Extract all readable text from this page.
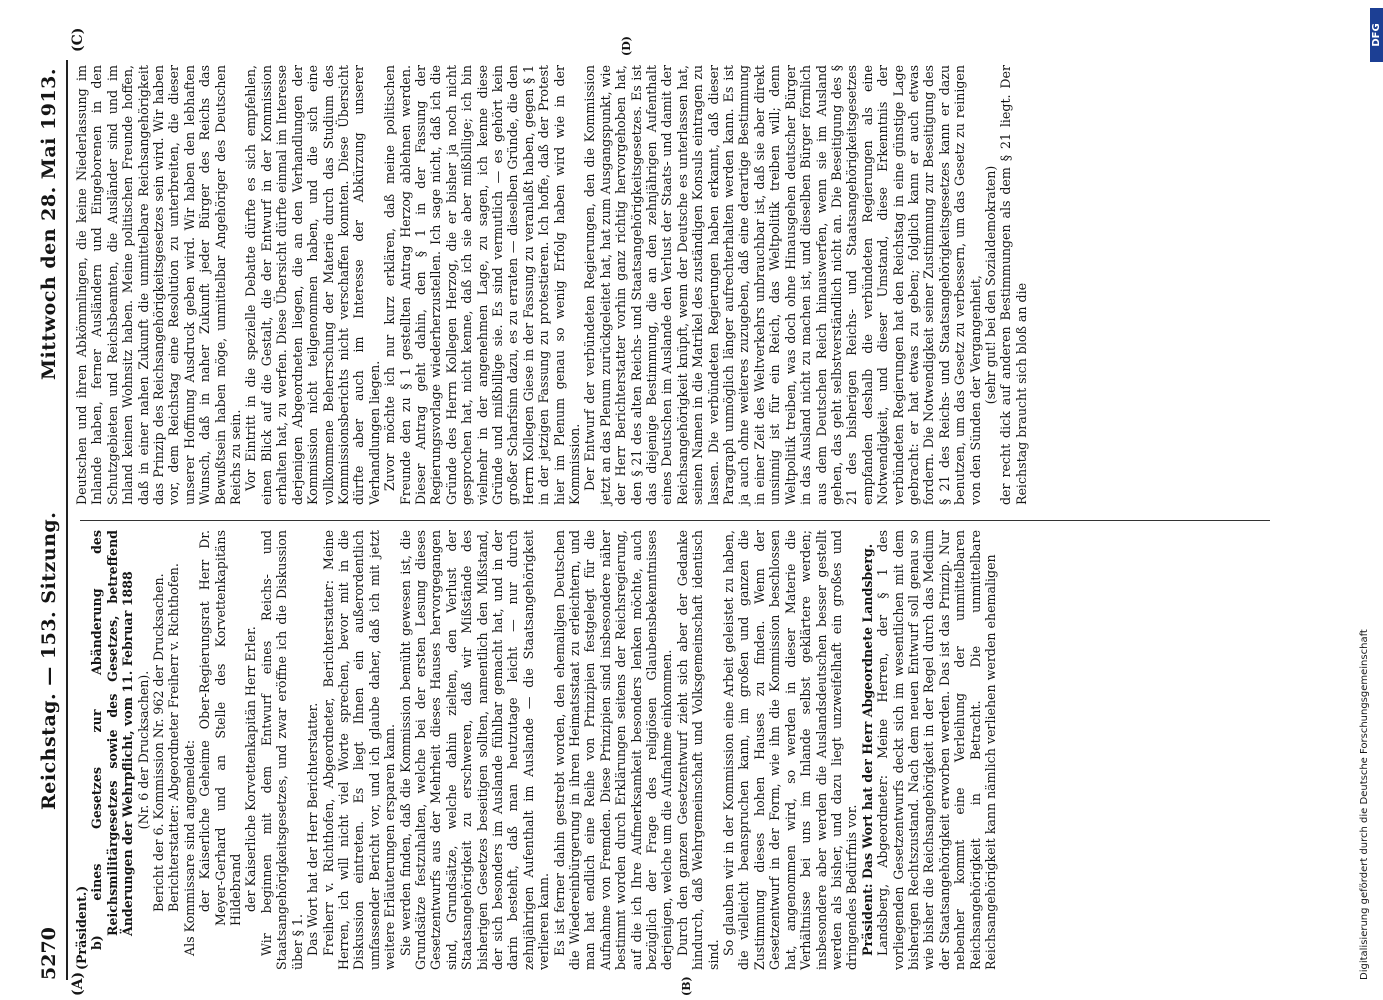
5270
Reichstag. — 153. Sitzung.
Mittwoch den 28. Mai 1913.
(A)	(B)
(C)	(D)

(Präsident.) b) eines Gesetzes zur Abänderung des Reichsmilitärgesetzes sowie des Gesetzes, betreffend Änderungen der Wehrpflicht, vom 11. Februar 1888 (Nr. 6 der Drucksachen). Bericht der 6. Kommission Nr. 962 der Drucksachen. Berichterstatter: Abgeordneter Freiherr v. Richthofen. Als Kommissare sind angemeldet: der Kaiserliche Geheime Ober-Regierungsrat Herr Dr. Meyer-Gerhard und an Stelle des Korvettenkapitäns Hildebrand der Kaiserliche Korvettenkapitän Herr Erler. Wir beginnen mit dem Entwurf eines Reichs- und Staatsangehörigkeitsgesetzes, und zwar eröffne ich die Diskussion über § 1. Das Wort hat der Herr Berichterstatter. Freiherr v. Richthofen, Abgeordneter, Berichterstatter: Meine Herren, ich will nicht viel Worte sprechen, bevor mit in die Diskussion eintreten. Es liegt Ihnen ein außerordentlich umfassender Bericht vor, und ich glaube daher, daß ich mit jetzt weitere Erläuterungen ersparen kann. Sie werden finden, daß die Kommission bemüht gewesen ist, die Grundsätze festzuhalten, welche bei der ersten Lesung dieses Gesetzentwurfs aus der Mehrheit dieses Hauses hervorgegangen sind, Grundsätze, welche dahin zielten, den Verlust der Staatsangehörigkeit zu erschweren, daß wir Mißstände des bisherigen Gesetzes beseitigen sollten, namentlich den Mißstand, der sich besonders im Auslande fühlbar gemacht hat, und in der darin bestehft, daß man heutzutage leicht — nur durch zehnjährigen Aufenthalt im Auslande — die Staatsangehörigkeit verlieren kann. Es ist ferner dahin gestrebt worden, den ehemaligen Deutschen die Wiedereinbürgerung in ihren Heimatsstaat zu erleichtern, und man hat endlich eine Reihe von Prinzipien festgelegt für die Aufnahme von Fremden. Diese Prinzipien sind insbesondere näher bestimmt worden durch Erklärungen seitens der Reichsregierung, auf die ich Ihre Aufmerksamkeit besonders lenken möchte, auch bezüglich der Frage des religiösen Glaubensbekenntnisses derjenigen, welche um die Aufnahme einkommen. Durch den ganzen Gesetzentwurf zieht sich aber der Gedanke hindurch, daß Wehrgemeinschaft und Volksgemeinschaft identisch sind. So glauben wir in der Kommission eine Arbeit geleistet zu haben, die vielleicht beanspruchen kann, im großen und ganzen die Zustimmung dieses hohen Hauses zu finden. Wenn der Gesetzentwurf in der Form, wie ihn die Kommission beschlossen hat, angenommen wird, so werden in dieser Materie die Verhältnisse bei uns im Inlande selbst geklärtere werden; insbesondere aber werden die Auslandsdeutschen besser gestellt werden als bisher, und dazu liegt unzweifelhaft ein großes und dringendes Bedürfnis vor. Präsident: Das Wort hat der Herr Abgeordnete Landsberg. Landsberg, Abgeordneter: Meine Herren, der § 1 des vorliegenden Gesetzentwurfs deckt sich im wesentlichen mit dem bisherigen Rechtszustand. Nach dem neuen Entwurf soll genau so wie bisher die Reichsangehörigkeit in der Regel durch das Medium der Staatsangehörigkeit erworben werden. Das ist das Prinzip. Nur nebenher kommt eine Verleihung der unmittelbaren Reichsangehörigkeit in Betracht. Die unmittelbare Reichsangehörigkeit kann nämlich verliehen werden ehemaligen

Deutschen und ihren Abkömmlingen, die keine Niederlassung im Inlande haben, ferner Ausländern und Eingeborenen in den Schutzgebieten und Reichsbeamten, die Ausländer sind und im Inland keinen Wohnsitz haben. Meine politischen Freunde hoffen, daß in einer nahen Zukunft die unmittelbare Reichsangehörigkeit das Prinzip des Reichsangehörigkeitsgesetzes sein wird. Wir haben vor, dem Reichstag eine Resolution zu unterbreiten, die dieser unserer Hoffnung Ausdruck geben wird. Wir haben den lebhaften Wunsch, daß in naher Zukunft jeder Bürger des Reichs das Bewußtsein haben möge, unmittelbar Angehöriger des Deutschen Reichs zu sein. Vor Eintritt in die spezielle Debatte dürfte es sich empfehlen, einen Blick auf die Gestalt, die der Entwurf in der Kommission erhalten hat, zu werfen. Diese Übersicht dürfte einmal im Interesse derjenigen Abgeordneten liegen, die an den Verhandlungen der Kommission nicht teilgenommen haben, und die sich eine vollkommene Beherrschung der Materie durch das Studium des Kommissionsberichts nicht verschaffen konnten. Diese Übersicht dürfte aber auch im Interesse der Abkürzung unserer Verhandlungen liegen. Zuvor möchte ich nur kurz erklären, daß meine politischen Freunde den zu § 1 gestellten Antrag Herzog ablehnen werden. Dieser Antrag geht dahin, den § 1 in der Fassung der Regierungsvorlage wiederherzustellen. Ich sage nicht, daß ich die Gründe des Herrn Kollegen Herzog, die er bisher ja noch nicht gesprochen hat, nicht kenne, daß ich sie aber mißbillige; ich bin vielmehr in der angenehmen Lage, zu sagen, ich kenne diese Gründe und mißbillige sie. Es sind vermutlich — es gehört kein großer Scharfsinn dazu, es zu erraten — dieselben Gründe, die den Herrn Kollegen Giese in der Fassung zu veranlaßt haben, gegen § 1 in der jetzigen Fassung zu protestieren. Ich hoffe, daß der Protest hier im Plenum genau so wenig Erfolg haben wird wie in der Kommission. Der Entwurf der verbündeten Regierungen, den die Kommission jetzt an das Plenum zurückgeleitet hat, hat zum Ausgangspunkt, wie der Herr Berichterstatter vorhin ganz richtig hervorgehoben hat, den § 21 des alten Reichs- und Staatsangehörigkeitsgesetzes. Es ist das diejenige Bestimmung, die an den zehnjährigen Aufenthalt eines Deutschen im Auslande den Verlust der Staats- und damit der Reichsangehörigkeit knüpft, wenn der Deutsche es unterlassen hat, seinen Namen in die Matrikel des zuständigen Konsuls eintragen zu lassen. Die verbündeten Regierungen haben erkannt, daß dieser Paragraph unmöglich länger aufrechterhalten werden kann. Es ist ja auch ohne weiteres zuzugeben, daß eine derartige Bestimmung in einer Zeit des Weltverkehrs unbrauchbar ist, daß sie aber direkt unsinnig ist für ein Reich, das Weltpolitik treiben will; denn Weltpolitik treiben, was doch ohne Hinausgehen deutscher Bürger in das Ausland nicht zu machen ist, und dieselben Bürger förmlich aus dem Deutschen Reich hinauswerfen, wenn sie im Ausland gehen, das geht selbstverständlich nicht an. Die Beseitigung des § 21 des bisherigen Reichs- und Staatsangehörigkeitsgesetzes empfanden deshalb die verbündeten Regierungen als eine Notwendigkeit, und dieser Umstand, diese Erkenntnis der verbündeten Regierungen hat den Reichstag in eine günstige Lage gebracht: er hat etwas zu geben; folglich kann er auch etwas fordern. Die Notwendigkeit seiner Zustimmung zur Beseitigung des § 21 des Reichs- und Staatsangehörigkeitsgesetzes kann er dazu benutzen, um das Gesetz zu verbessern, um das Gesetz zu reinigen von den Sünden der Vergangenheit, (sehr gut! bei den Sozialdemokraten) der recht dick auf anderen Bestimmungen als dem § 21 liegt. Der Reichstag braucht sich bloß an die

Digitalisierung gefördert durch die Deutsche Forschungsgemeinschaft
DFG
